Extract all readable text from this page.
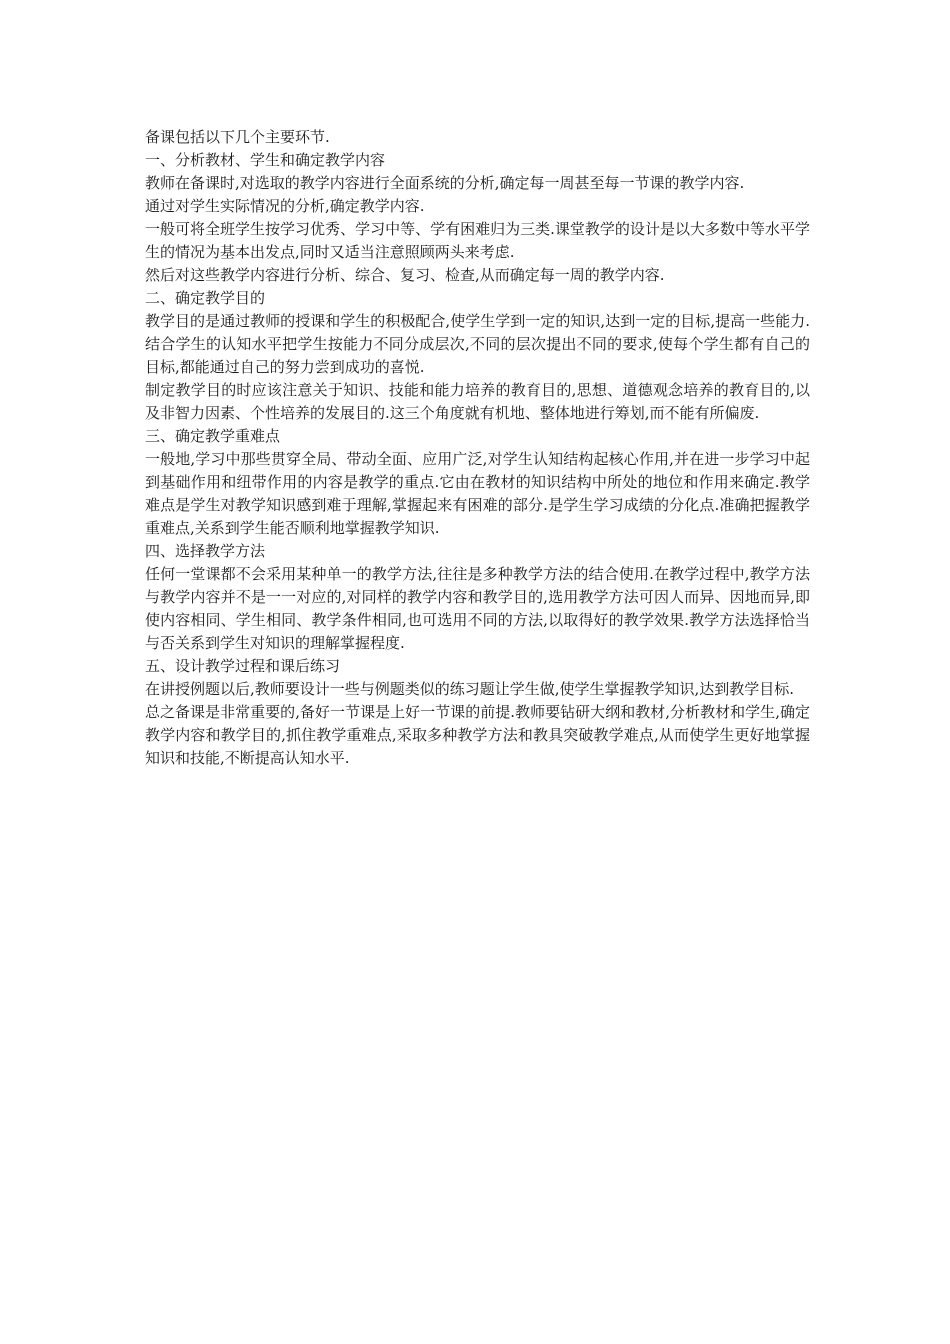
备课包括以下几个主要环节.

一、分析教材、学生和确定教学内容

教师在备课时,对选取的教学内容进行全面系统的分析,确定每一周甚至每一节课的教学内容.

通过对学生实际情况的分析,确定教学内容.

一般可将全班学生按学习优秀、学习中等、学有困难归为三类.课堂教学的设计是以大多数中等水平学生的情况为基本出发点,同时又适当注意照顾两头来考虑.

然后对这些教学内容进行分析、综合、复习、检查,从而确定每一周的教学内容.

二、确定教学目的

教学目的是通过教师的授课和学生的积极配合,使学生学到一定的知识,达到一定的目标,提高一些能力.结合学生的认知水平把学生按能力不同分成层次,不同的层次提出不同的要求,使每个学生都有自己的目标,都能通过自己的努力尝到成功的喜悦.

制定教学目的时应该注意关于知识、技能和能力培养的教育目的,思想、道德观念培养的教育目的,以及非智力因素、个性培养的发展目的.这三个角度就有机地、整体地进行筹划,而不能有所偏废.

三、确定教学重难点

一般地,学习中那些贯穿全局、带动全面、应用广泛,对学生认知结构起核心作用,并在进一步学习中起到基础作用和纽带作用的内容是教学的重点.它由在教材的知识结构中所处的地位和作用来确定.教学难点是学生对教学知识感到难于理解,掌握起来有困难的部分.是学生学习成绩的分化点.准确把握教学重难点,关系到学生能否顺利地掌握教学知识.

四、选择教学方法

任何一堂课都不会采用某种单一的教学方法,往往是多种教学方法的结合使用.在教学过程中,教学方法与教学内容并不是一一对应的,对同样的教学内容和教学目的,选用教学方法可因人而异、因地而异,即使内容相同、学生相同、教学条件相同,也可选用不同的方法,以取得好的教学效果.教学方法选择恰当与否关系到学生对知识的理解掌握程度.

五、设计教学过程和课后练习

在讲授例题以后,教师要设计一些与例题类似的练习题让学生做,使学生掌握教学知识,达到教学目标.

总之备课是非常重要的,备好一节课是上好一节课的前提.教师要钻研大纲和教材,分析教材和学生,确定教学内容和教学目的,抓住教学重难点,采取多种教学方法和教具突破教学难点,从而使学生更好地掌握知识和技能,不断提高认知水平.
